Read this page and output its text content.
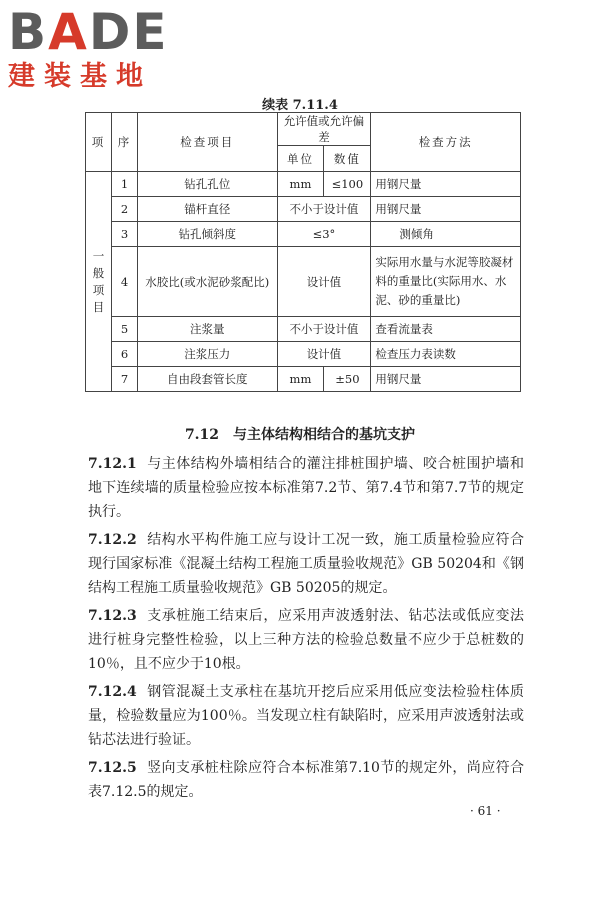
BADE
建装基地
续表 7.11.4
项	序	检查项目	允许值或允许偏差		检查方法
			单位	数值	

一般项目	1	钻孔孔位	mm	≤100	用钢尺量
	2	锚杆直径	不小于设计值		用钢尺量
	3	钻孔倾斜度	≤3°		测倾角
	4	水胶比(或水泥砂浆配比)	设计值		实际用水量与水泥等胶凝材料的重量比(实际用水、水泥、砂的重量比)
	5	注浆量	不小于设计值		查看流量表
	6	注浆压力	设计值		检查压力表读数
	7	自由段套管长度	mm	±50	用钢尺量
7.12　与主体结构相结合的基坑支护

7.12.1 与主体结构外墙相结合的灌注排桩围护墙、咬合桩围护墙和地下连续墙的质量检验应按本标准第7.2节、第7.4节和第7.7节的规定执行。

7.12.2 结构水平构件施工应与设计工况一致，施工质量检验应符合现行国家标准《混凝土结构工程施工质量验收规范》GB 50204和《钢结构工程施工质量验收规范》GB 50205的规定。

7.12.3 支承桩施工结束后，应采用声波透射法、钻芯法或低应变法进行桩身完整性检验，以上三种方法的检验总数量不应少于总桩数的10％，且不应少于10根。

7.12.4 钢管混凝土支承柱在基坑开挖后应采用低应变法检验柱体质量，检验数量应为100％。当发现立柱有缺陷时，应采用声波透射法或钻芯法进行验证。

7.12.5 竖向支承桩柱除应符合本标准第7.10节的规定外，尚应符合表7.12.5的规定。

· 61 ·
